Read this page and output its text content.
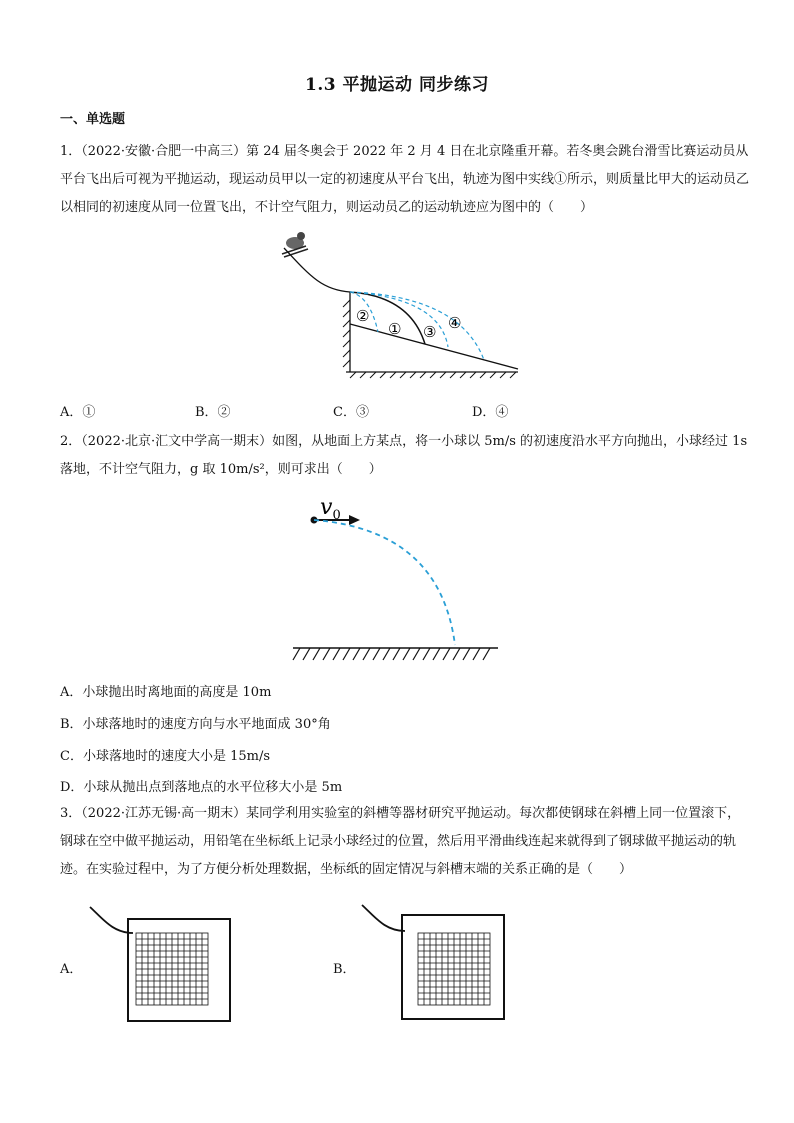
1.3 平抛运动 同步练习
一、单选题

1．（2022·安徽·合肥一中高三）第 24 届冬奥会于 2022 年 2 月 4 日在北京隆重开幕。若冬奥会跳台滑雪比赛运动员从平台飞出后可视为平抛运动，现运动员甲以一定的初速度从平台飞出，轨迹为图中实线①所示，则质量比甲大的运动员乙以相同的初速度从同一位置飞出，不计空气阻力，则运动员乙的运动轨迹应为图中的（　　）

②
① ③ ④
A．①	B．②	C．③	D．④

2．（2022·北京·汇文中学高一期末）如图，从地面上方某点，将一小球以 5m/s 的初速度沿水平方向抛出，小球经过 1s 落地，不计空气阻力，g 取 10m/s²，则可求出（　　）

$v_0$
A．小球抛出时离地面的高度是 10m
B．小球落地时的速度方向与水平地面成 30°角
C．小球落地时的速度大小是 15m/s
D．小球从抛出点到落地点的水平位移大小是 5m

3．（2022·江苏无锡·高一期末）某同学利用实验室的斜槽等器材研究平抛运动。每次都使钢球在斜槽上同一位置滚下，钢球在空中做平抛运动，用铅笔在坐标纸上记录小球经过的位置，然后用平滑曲线连起来就得到了钢球做平抛运动的轨迹。在实验过程中，为了方便分析处理数据，坐标纸的固定情况与斜槽末端的关系正确的是（　　）

A．	B．
